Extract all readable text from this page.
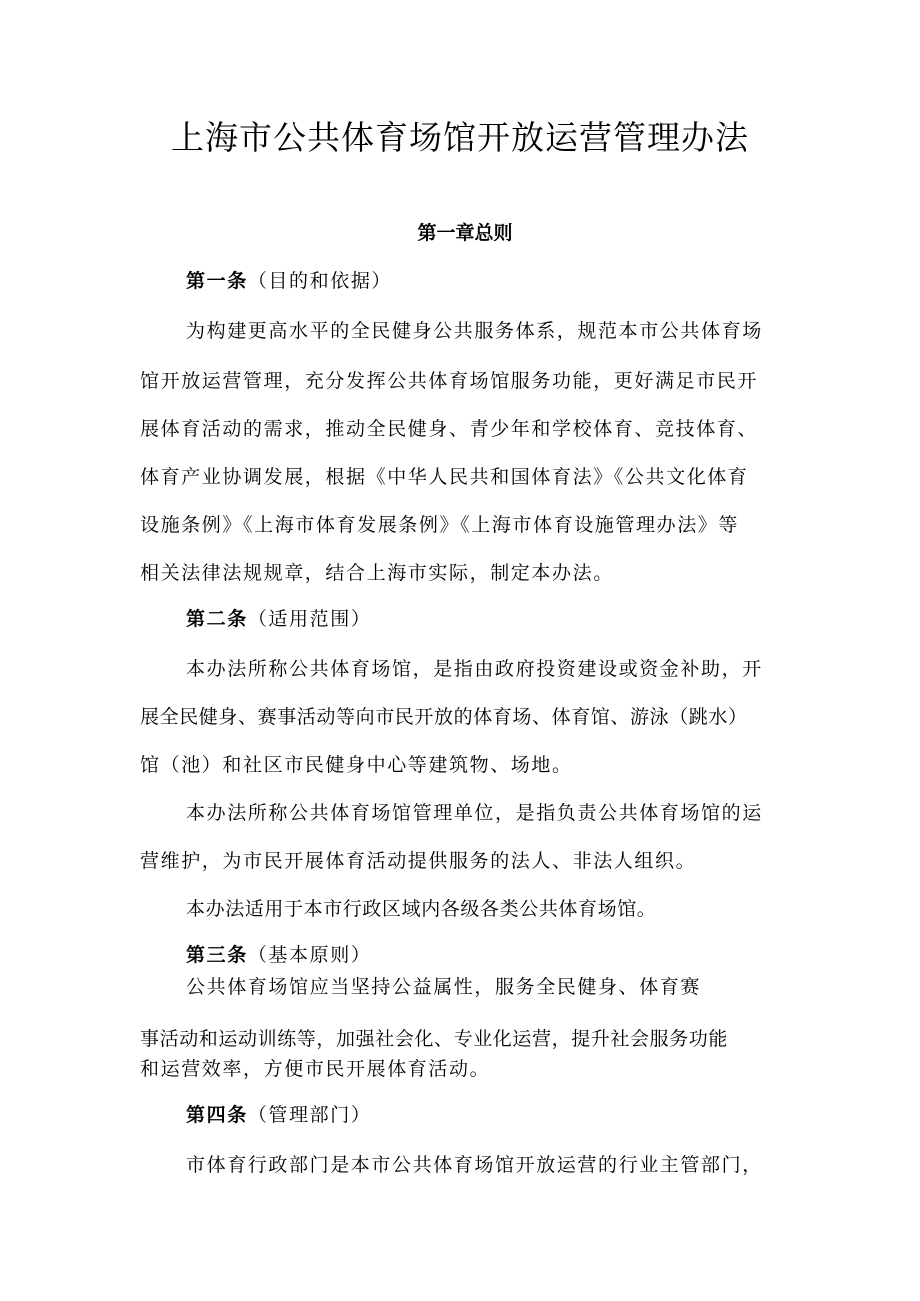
上海市公共体育场馆开放运营管理办法
第一章总则
第一条（目的和依据）
为构建更高水平的全民健身公共服务体系，规范本市公共体育场
馆开放运营管理，充分发挥公共体育场馆服务功能，更好满足市民开
展体育活动的需求，推动全民健身、青少年和学校体育、竞技体育、
体育产业协调发展，根据《中华人民共和国体育法》《公共文化体育
设施条例》《上海市体育发展条例》《上海市体育设施管理办法》等
相关法律法规规章，结合上海市实际，制定本办法。
第二条（适用范围）
本办法所称公共体育场馆，是指由政府投资建设或资金补助，开
展全民健身、赛事活动等向市民开放的体育场、体育馆、游泳（跳水）
馆（池）和社区市民健身中心等建筑物、场地。
本办法所称公共体育场馆管理单位，是指负责公共体育场馆的运
营维护，为市民开展体育活动提供服务的法人、非法人组织。
本办法适用于本市行政区域内各级各类公共体育场馆。
第三条（基本原则）
公共体育场馆应当坚持公益属性，服务全民健身、体育赛
事活动和运动训练等，加强社会化、专业化运营，提升社会服务功能
和运营效率，方便市民开展体育活动。
第四条（管理部门）
市体育行政部门是本市公共体育场馆开放运营的行业主管部门，
